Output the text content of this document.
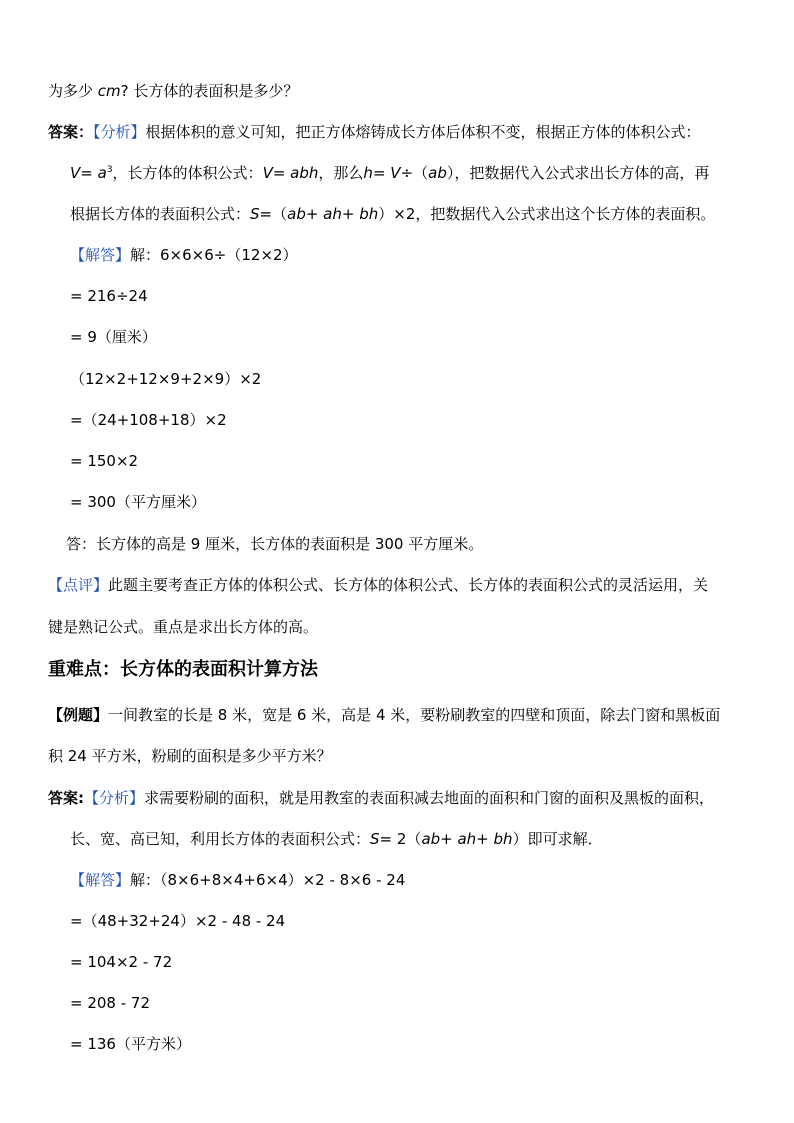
为多少 cm? 长方体的表面积是多少？
答案：【分析】根据体积的意义可知，把正方体熔铸成长方体后体积不变，根据正方体的体积公式：
$V= a^3$，长方体的体积公式：V= abh，那么h= V÷（ab），把数据代入公式求出长方体的高，再
根据长方体的表面积公式：S=（ab+ ah+ bh）×2，把数据代入公式求出这个长方体的表面积。
【解答】解：6×6×6÷（12×2）
= 216÷24
= 9（厘米）
（12×2+12×9+2×9）×2
=（24+108+18）×2
= 150×2
= 300（平方厘米）
答：长方体的高是 9 厘米，长方体的表面积是 300 平方厘米。
【点评】此题主要考查正方体的体积公式、长方体的体积公式、长方体的表面积公式的灵活运用，关
键是熟记公式。重点是求出长方体的高。
重难点：长方体的表面积计算方法
【例题】一间教室的长是 8 米，宽是 6 米，高是 4 米，要粉刷教室的四壁和顶面，除去门窗和黑板面
积 24 平方米，粉刷的面积是多少平方米？
答案:【分析】求需要粉刷的面积，就是用教室的表面积减去地面的面积和门窗的面积及黑板的面积，
长、宽、高已知，利用长方体的表面积公式：S= 2（ab+ ah+ bh）即可求解．
【解答】解：（8×6+8×4+6×4）×2 - 8×6 - 24
=（48+32+24）×2 - 48 - 24
= 104×2 - 72
= 208 - 72
= 136（平方米）
